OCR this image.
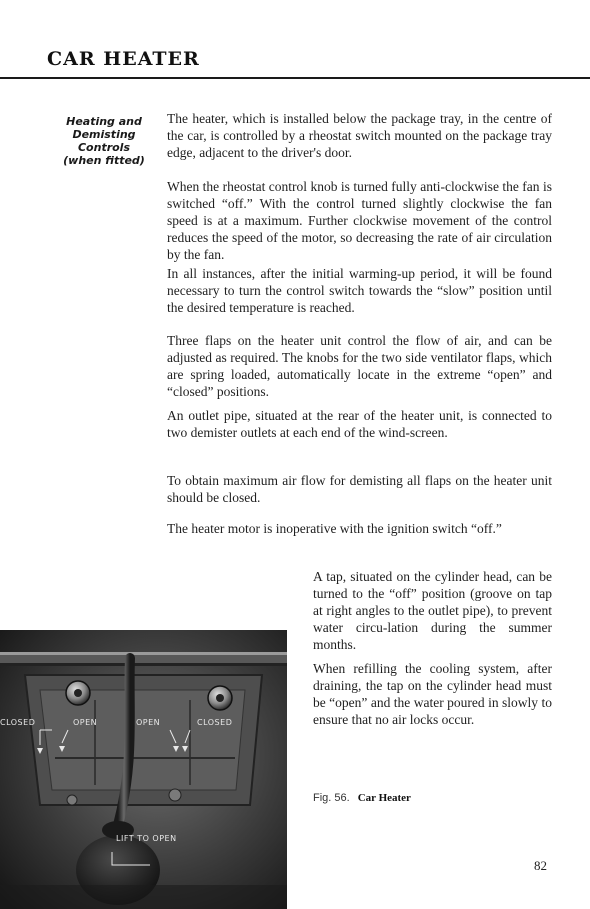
CAR HEATER

Heating and
Demisting
Controls
(when fitted)

The heater, which is installed below the package tray, in the centre of the car, is controlled by a rheostat switch mounted on the package tray edge, adjacent to the driver's door.

When the rheostat control knob is turned fully anti-clockwise the fan is switched “off.” With the control turned slightly clockwise the fan speed is at a maximum. Further clockwise movement of the control reduces the speed of the motor, so decreasing the rate of air circulation by the fan.

In all instances, after the initial warming-up period, it will be found necessary to turn the control switch towards the “slow” position until the desired temperature is reached.

Three flaps on the heater unit control the flow of air, and can be adjusted as required. The knobs for the two side ventilator flaps, which are spring loaded, automatically locate in the extreme “open” and “closed” positions.

An outlet pipe, situated at the rear of the heater unit, is connected to two demister outlets at each end of the wind-screen.

To obtain maximum air flow for demisting all flaps on the heater unit should be closed.

The heater motor is inoperative with the ignition switch “off.”

A tap, situated on the cylinder head, can be turned to the “off” position (groove on tap at right angles to the outlet pipe), to prevent water circu-lation during the summer months.

When refilling the cooling system, after draining, the tap on the cylinder head must be “open” and the water poured in slowly to ensure that no air locks occur.

CLOSED	OPEN	OPEN	CLOSED
LIFT TO OPEN

Fig. 56. Car Heater

82
